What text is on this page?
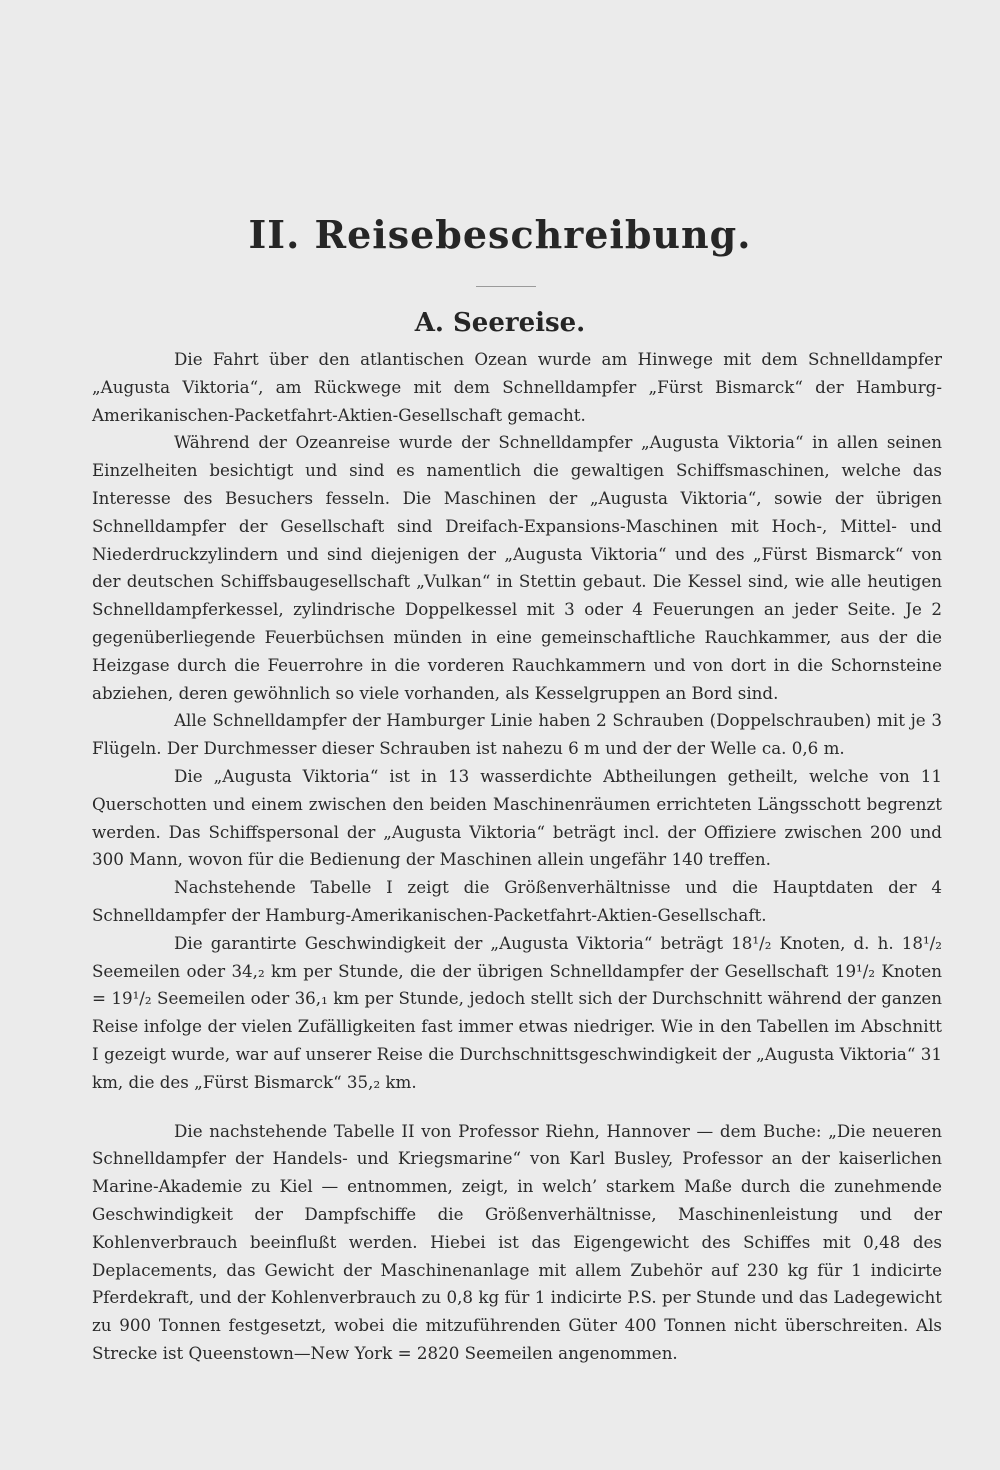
II. Reisebeschreibung.
A. Seereise.

Die Fahrt über den atlantischen Ozean wurde am Hinwege mit dem Schnelldampfer „Augusta Viktoria“, am Rückwege mit dem Schnelldampfer „Fürst Bismarck“ der Hamburg-Amerikanischen-Packetfahrt-Aktien-Gesellschaft gemacht.

Während der Ozeanreise wurde der Schnelldampfer „Augusta Viktoria“ in allen seinen Einzelheiten besichtigt und sind es namentlich die gewaltigen Schiffsmaschinen, welche das Interesse des Besuchers fesseln. Die Maschinen der „Augusta Viktoria“, sowie der übrigen Schnelldampfer der Gesellschaft sind Dreifach-Expansions-Maschinen mit Hoch-, Mittel- und Niederdruckzylindern und sind diejenigen der „Augusta Viktoria“ und des „Fürst Bismarck“ von der deutschen Schiffsbaugesellschaft „Vulkan“ in Stettin gebaut. Die Kessel sind, wie alle heutigen Schnelldampferkessel, zylindrische Doppelkessel mit 3 oder 4 Feuerungen an jeder Seite. Je 2 gegenüberliegende Feuerbüchsen münden in eine gemeinschaftliche Rauchkammer, aus der die Heizgase durch die Feuerrohre in die vorderen Rauchkammern und von dort in die Schornsteine abziehen, deren gewöhnlich so viele vorhanden, als Kesselgruppen an Bord sind.

Alle Schnelldampfer der Hamburger Linie haben 2 Schrauben (Doppelschrauben) mit je 3 Flügeln. Der Durchmesser dieser Schrauben ist nahezu 6 m und der der Welle ca. 0,6 m.

Die „Augusta Viktoria“ ist in 13 wasserdichte Abtheilungen getheilt, welche von 11 Querschotten und einem zwischen den beiden Maschinenräumen errichteten Längsschott begrenzt werden. Das Schiffspersonal der „Augusta Viktoria“ beträgt incl. der Offiziere zwischen 200 und 300 Mann, wovon für die Bedienung der Maschinen allein ungefähr 140 treffen.

Nachstehende Tabelle I zeigt die Größenverhältnisse und die Hauptdaten der 4 Schnelldampfer der Hamburg-Amerikanischen-Packetfahrt-Aktien-Gesellschaft.

Die garantirte Geschwindigkeit der „Augusta Viktoria“ beträgt 18¹/₂ Knoten, d. h. 18¹/₂ Seemeilen oder 34,₂ km per Stunde, die der übrigen Schnelldampfer der Gesellschaft 19¹/₂ Knoten = 19¹/₂ Seemeilen oder 36,₁ km per Stunde, jedoch stellt sich der Durchschnitt während der ganzen Reise infolge der vielen Zufälligkeiten fast immer etwas niedriger. Wie in den Tabellen im Abschnitt I gezeigt wurde, war auf unserer Reise die Durchschnittsgeschwindigkeit der „Augusta Viktoria“ 31 km, die des „Fürst Bismarck“ 35,₂ km.

Die nachstehende Tabelle II von Professor Riehn, Hannover — dem Buche: „Die neueren Schnelldampfer der Handels- und Kriegsmarine“ von Karl Busley, Professor an der kaiserlichen Marine-Akademie zu Kiel — entnommen, zeigt, in welch’ starkem Maße durch die zunehmende Geschwindigkeit der Dampfschiffe die Größenverhältnisse, Maschinenleistung und der Kohlenverbrauch beeinflußt werden. Hiebei ist das Eigengewicht des Schiffes mit 0,48 des Deplacements, das Gewicht der Maschinenanlage mit allem Zubehör auf 230 kg für 1 indicirte Pferdekraft, und der Kohlenverbrauch zu 0,8 kg für 1 indicirte P.S. per Stunde und das Ladegewicht zu 900 Tonnen festgesetzt, wobei die mitzuführenden Güter 400 Tonnen nicht überschreiten. Als Strecke ist Queenstown—New York = 2820 Seemeilen angenommen.
